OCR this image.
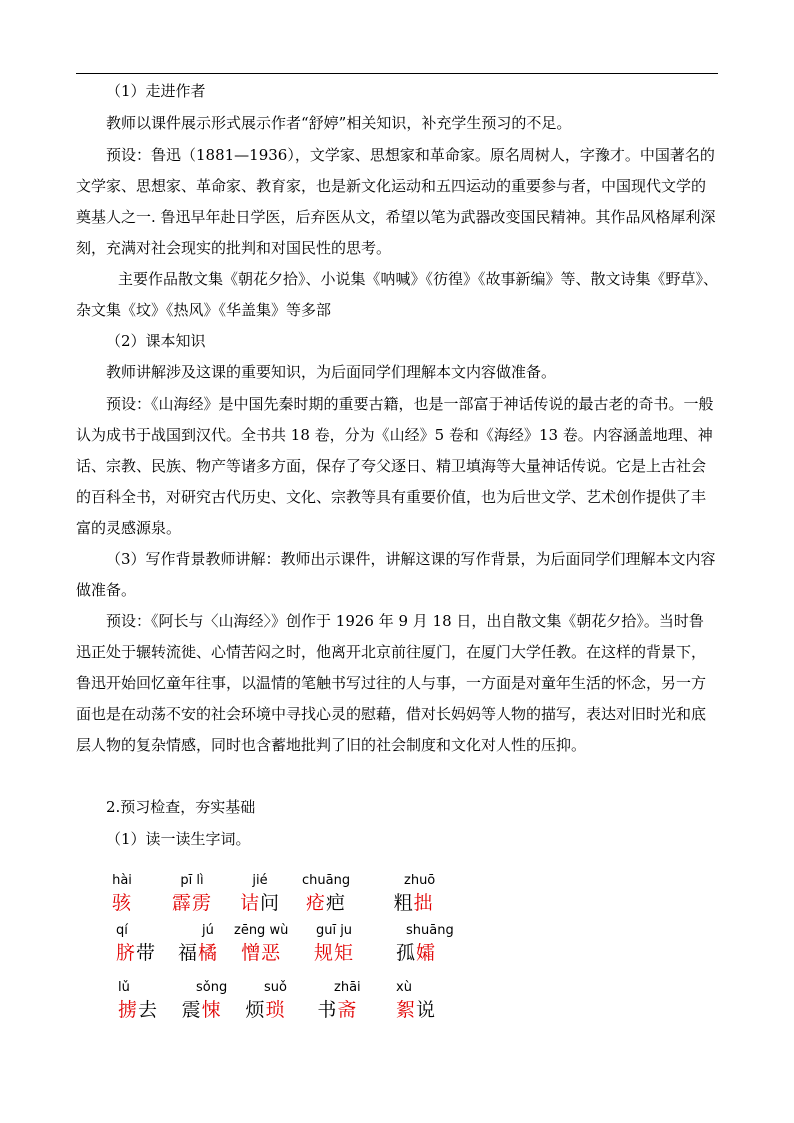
（1）走进作者

教师以课件展示形式展示作者“舒婷”相关知识，补充学生预习的不足。

预设：鲁迅（1881—1936），文学家、思想家和革命家。原名周树人，字豫才。中国著名的文学家、思想家、革命家、教育家，也是新文化运动和五四运动的重要参与者，中国现代文学的奠基人之一. 鲁迅早年赴日学医，后弃医从文，希望以笔为武器改变国民精神。其作品风格犀利深刻，充满对社会现实的批判和对国民性的思考。

主要作品散文集《朝花夕拾》、小说集《呐喊》《彷徨》《故事新编》等、散文诗集《野草》、杂文集《坟》《热风》《华盖集》等多部

（2）课本知识

教师讲解涉及这课的重要知识，为后面同学们理解本文内容做准备。

预设：《山海经》是中国先秦时期的重要古籍，也是一部富于神话传说的最古老的奇书。一般认为成书于战国到汉代。全书共 18 卷，分为《山经》5 卷和《海经》13 卷。内容涵盖地理、神话、宗教、民族、物产等诸多方面，保存了夸父逐日、精卫填海等大量神话传说。它是上古社会的百科全书，对研究古代历史、文化、宗教等具有重要价值，也为后世文学、艺术创作提供了丰富的灵感源泉。

（3）写作背景教师讲解：教师出示课件，讲解这课的写作背景，为后面同学们理解本文内容做准备。

预设：《阿长与〈山海经〉》创作于 1926 年 9 月 18 日，出自散文集《朝花夕拾》。当时鲁迅正处于辗转流徙、心情苦闷之时，他离开北京前往厦门，在厦门大学任教。在这样的背景下，鲁迅开始回忆童年往事，以温情的笔触书写过往的人与事，一方面是对童年生活的怀念，另一方面也是在动荡不安的社会环境中寻找心灵的慰藉，借对长妈妈等人物的描写，表达对旧时光和底层人物的复杂情感，同时也含蓄地批判了旧的社会制度和文化对人性的压抑。

2.预习检查，夯实基础

（1）读一读生字词。

hài
骇
pī lì
霹雳
jié
诘问
chuāng
疮疤
zhuō
粗拙
qí
脐带
jú
福橘
zēng wù
憎恶
guī ju
规矩
shuāng
孤孀
lǔ
掳去
sǒng
震悚
suǒ
烦琐
zhāi
书斋
xù
絮说
